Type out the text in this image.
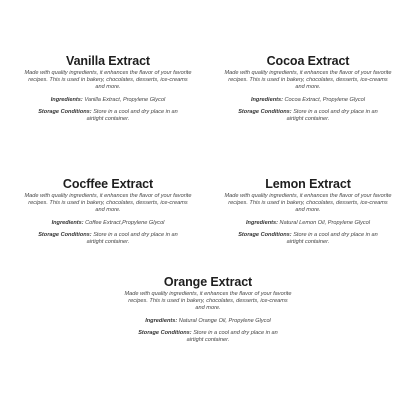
Vanilla Extract
Made with quality ingredients, it enhances the flavor of your favorite recipes. This is used in bakery, chocolates, desserts, ice-creams and more.
Ingredients: Vanilla Extract, Propylene Glycol
Storage Conditions: Store in a cool and dry place in an airtight container.
Cocoa Extract
Made with quality ingredients, it enhances the flavor of your favorite recipes. This is used in bakery, chocolates, desserts, ice-creams and more.
Ingredients: Cocoa Extract, Propylene Glycol
Storage Conditions: Store in a cool and dry place in an airtight container.
Cocffee Extract
Made with quality ingredients, it enhances the flavor of your favorite recipes. This is used in bakery, chocolates, desserts, ice-creams and more.
Ingredients: Coffee Extract,Propylene Glycol
Storage Conditions: Store in a cool and dry place in an airtight container.
Lemon Extract
Made with quality ingredients, it enhances the flavor of your favorite recipes. This is used in bakery, chocolates, desserts, ice-creams and more.
Ingredients: Natural Lemon Oil, Propylene Glycol
Storage Conditions: Store in a cool and dry place in an airtight container.
Orange Extract
Made with quality ingredients, it enhances the flavor of your favorite recipes. This is used in bakery, chocolates, desserts, ice-creams and more.
Ingredients: Natural Orange Oil, Propylene Glycol
Storage Conditions: Store in a cool and dry place in an airtight container.
